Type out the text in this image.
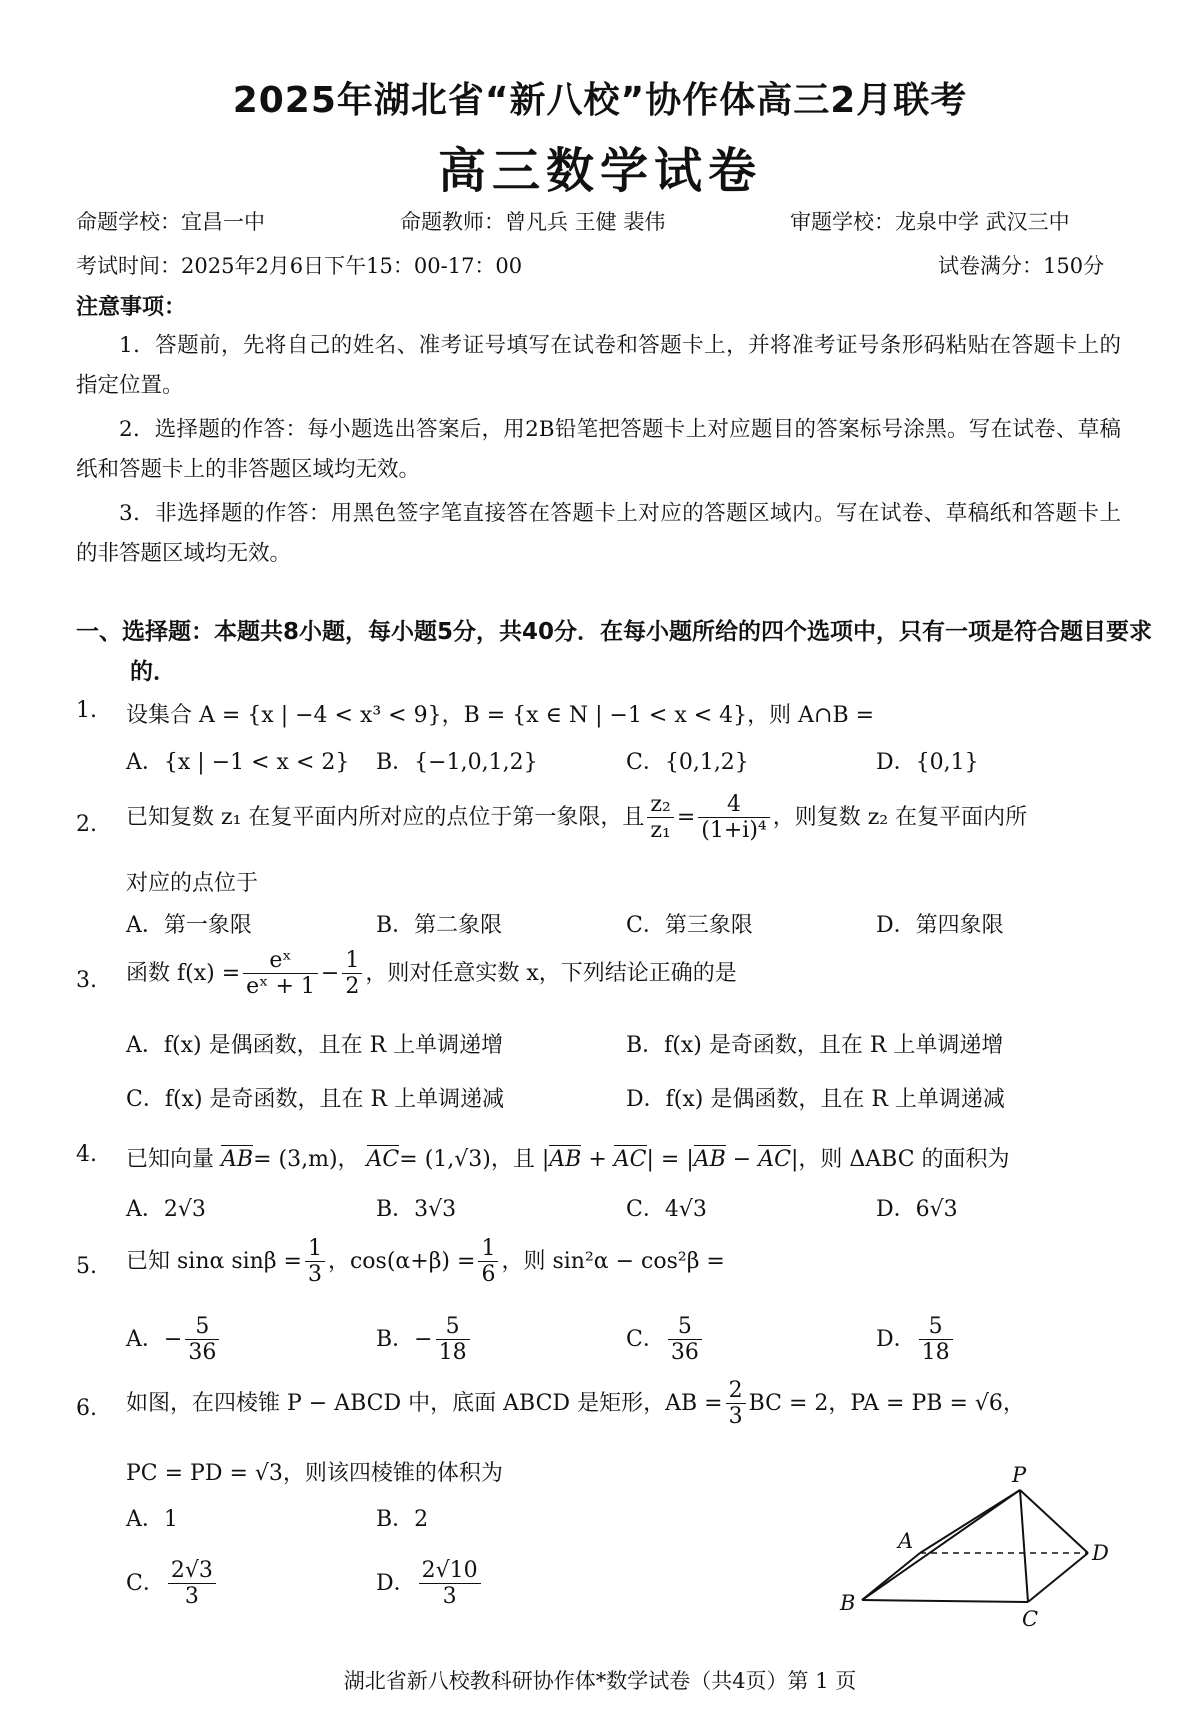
2025年湖北省“新八校”协作体高三2月联考
高三数学试卷
命题学校：宜昌一中	命题教师：曾凡兵 王健 裴伟	审题学校：龙泉中学 武汉三中
考试时间：2025年2月6日下午15：00-17：00	试卷满分：150分
注意事项：
1．答题前，先将自己的姓名、准考证号填写在试卷和答题卡上，并将准考证号条形码粘贴在答题卡上的指定位置。
2．选择题的作答：每小题选出答案后，用2B铅笔把答题卡上对应题目的答案标号涂黑。写在试卷、草稿纸和答题卡上的非答题区域均无效。
3．非选择题的作答：用黑色签字笔直接答在答题卡上对应的答题区域内。写在试卷、草稿纸和答题卡上的非答题区域均无效。
一、选择题：本题共8小题，每小题5分，共40分．在每小题所给的四个选项中，只有一项是符合题目要求的．
1. 设集合 A = {x | −4 < x³ < 9}，B = {x ∈ N | −1 < x < 4}，则 A∩B =
A．{x | −1 < x < 2} B．{−1,0,1,2}	C．{0,1,2}	D．{0,1}
2. 已知复数 z₁ 在复平面内所对应的点位于第一象限，且 $\frac{\text{z₂}}{\text{z₁}} = \frac{4}{\text{(1+i)⁴}}$ ，则复数 z₂ 在复平面内所
对应的点位于
A．第一象限	B．第二象限	C．第三象限	D．第四象限
3. 函数 $f(x) = \frac{\text{eˣ}}{\text{eˣ + 1}} - \frac{1}{2}$ ，则对任意实数 x，下列结论正确的是
A．f(x) 是偶函数，且在 R 上单调递增	B．f(x) 是奇函数，且在 R 上单调递增
C．f(x) 是奇函数，且在 R 上单调递减	D．f(x) 是偶函数，且在 R 上单调递减
4. 已知向量 AB= (3,m)， AC= (1,√3)，且 |AB + AC| = |AB − AC|，则 ΔABC 的面积为
A．2√3	B．3√3	C．4√3	D．6√3
5. 已知 sinα $\sin\beta = \frac{1}{3}$ ，$\cos(\alpha+\beta) = \frac{1}{6}$ ，则 sin²α − cos²β =
A．− $\frac{5}{36}$	B．− $\frac{5}{18}$	C． $\frac{5}{36}$	D． $\frac{5}{18}$
6. 如图，在四棱锥 P − ABCD 中，底面 ABCD 是矩形，AB = $\frac{2}{3}$ BC = 2，PA = PB = √6，
PC = PD = √3，则该四棱锥的体积为
A．1	B．2
C． $\frac{2√3}{3}$	D． $\frac{2√10}{3}$
P
A
B
C
D
湖北省新八校教科研协作体*数学试卷（共4页）第 1 页
